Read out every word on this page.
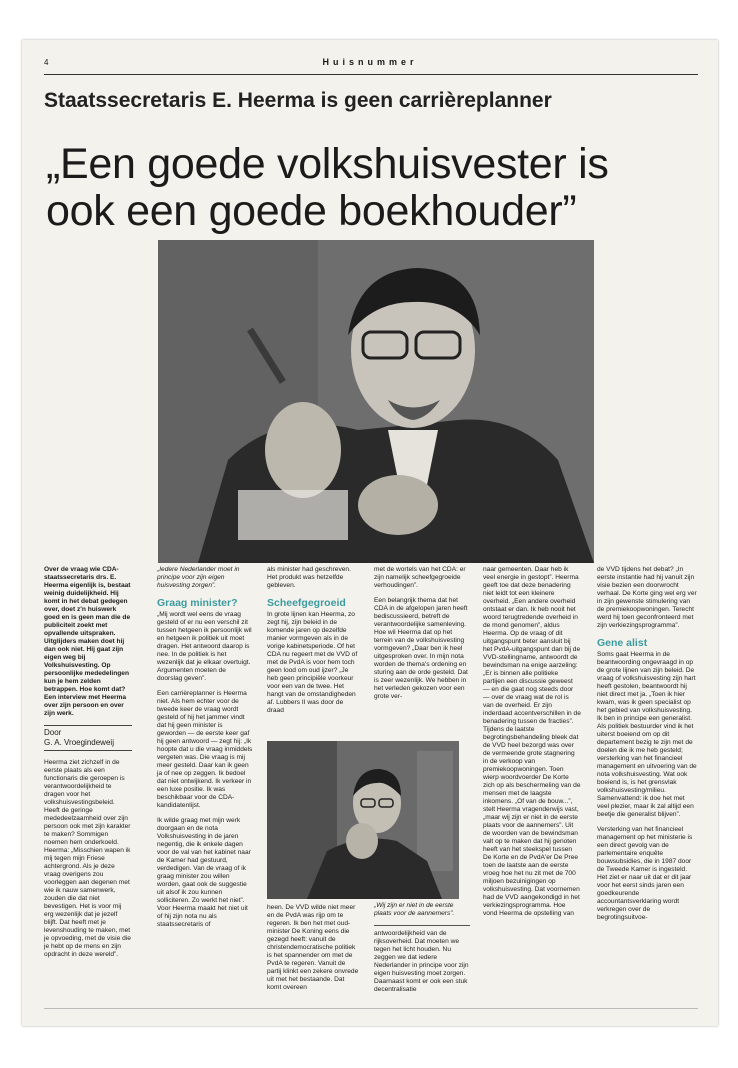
4	Huisnummer
Staatssecretaris E. Heerma is geen carrièreplanner
„Een goede volkshuisvester is
ook een goede boekhouder”

Over de vraag wie CDA-staatssecretaris drs. E. Heerma eigenlijk is, bestaat weinig duidelijkheid. Hij komt in het debat gedegen over, doet z'n huiswerk goed en is geen man die de publiciteit zoekt met opvallende uitspraken. Uitglijders maken doet hij dan ook niet. Hij gaat zijn eigen weg bij Volkshuisvesting. Op persoonlijke mededelingen kun je hem zelden betrappen. Hoe komt dat? Een interview met Heerma over zijn persoon en over zijn werk.

Door
G. A. Vroegindeweij

Heerma ziet zichzelf in de eerste plaats als een functionaris die geroepen is verantwoordelijkheid te dragen voor het volkshuisvestingsbeleid. Heeft de geringe mededeelzaamheid over zijn persoon ook met zijn karakter te maken? Sommigen noemen hem onderkoeld. Heerma: „Misschien wapen ik mij tegen mijn Friese achtergrond. Als je deze vraag overigens zou voorleggen aan degenen met wie ik nauw samenwerk, zouden die dat niet bevestigen. Het is voor mij erg wezenlijk dat je jezelf blijft. Dat heeft met je levenshouding te maken, met je opvoeding, met de visie die je hebt op de mens en zijn opdracht in deze wereld”.

„Iedere Nederlander moet in principe voor zijn eigen huisvesting zorgen”.

Graag minister?

„Mij wordt wel eens de vraag gesteld of er nu een verschil zit tussen hetgeen ik persoonlijk wil en hetgeen ik politiek uit moet dragen. Het antwoord daarop is nee. In de politiek is het wezenlijk dat je elkaar overtuigt. Argumenten moeten de doorslag geven”.

Een carrièreplanner is Heerma niet. Als hem echter voor de tweede keer de vraag wordt gesteld of hij het jammer vindt dat hij geen minister is geworden — de eerste keer gaf hij geen antwoord — zegt hij: „Ik hoopte dat u die vraag inmiddels vergeten was. Die vraag is mij meer gesteld. Daar kan ik geen ja of nee op zeggen. Ik bedoel dat niet ontwijkend. Ik verkeer in een luxe positie. Ik was beschikbaar voor de CDA-kandidatenlijst.

Ik wilde graag met mijn werk doorgaan en de nota Volkshuisvesting in de jaren negentig, die ik enkele dagen voor de val van het kabinet naar de Kamer had gestuurd, verdedigen. Van de vraag of ik graag minister zou willen worden, gaat ook de suggestie uit alsof ik zou kunnen solliciteren. Zo werkt het niet”. Voor Heerma maakt het niet uit of hij zijn nota nu als staatssecretaris of

als minister had geschreven. Het produkt was hetzelfde gebleven.

Scheefgegroeid

In grote lijnen kan Heerma, zo zegt hij, zijn beleid in de komende jaren op dezelfde manier vormgeven als in de vorige kabinetsperiode. Of het CDA nu regeert met de VVD of met de PvdA is voor hem toch geen lood om oud ijzer? „Je heb geen principiële voorkeur voor een van de twee. Het hangt van de omstandigheden af. Lubbers II was door de draad

heen. De VVD wilde niet meer en de PvdA was rijp om te regeren. Ik ben het met oud-minister De Koning eens die gezegd heeft: vanuit de christendemocratische politiek is het spannender om met de PvdA te regeren. Vanuit de partij klinkt een zekere onvrede uit met het bestaande. Dat komt overeen

met de wortels van het CDA: er zijn namelijk scheefgegroeide verhoudingen”.

Een belangrijk thema dat het CDA in de afgelopen jaren heeft bediscussieerd, betreft de verantwoordelijke samenleving. Hoe wil Heerma dat op het terrein van de volkshuisvesting vormgeven? „Daar ben ik heel uitgesproken over. In mijn nota worden de thema's ordening en sturing aan de orde gesteld. Dat is zeer wezenlijk. We hebben in het verleden gekozen voor een grote ver-

„Wij zijn er niet in de eerste plaats voor de aannemers”.

antwoordelijkheid van de rijksoverheid. Dat moeten we tegen het licht houden. Nu zeggen we dat iedere Nederlander in principe voor zijn eigen huisvesting moet zorgen. Daarnaast komt er ook een stuk decentralisatie

naar gemeenten. Daar heb ik veel energie in gestopt”. Heerma geeft toe dat deze benadering niet leidt tot een kleinere overheid. „Een andere overheid ontstaat er dan. Ik heb nooit het woord terugtredende overheid in de mond genomen”, aldus Heerma. Op de vraag of dit uitgangspunt beter aansluit bij het PvdA-uitgangspunt dan bij de VVD-stellingname, antwoordt de bewindsman na enige aarzeling: „Er is binnen alle politieke partijen een discussie geweest — en die gaat nog steeds door — over de vraag wat de rol is van de overheid. Er zijn inderdaad accentverschillen in de benadering tussen de fracties”. Tijdens de laatste begrotingsbehandeling bleek dat de VVD heel bezorgd was over de vermeende grote stagnering in de verkoop van premiekoopwoningen. Toen wierp woordvoerder De Korte zich op als beschermeling van de mensen met de laagste inkomens. „Of van de bouw...”, stelt Heerma vragenderwijs vast, „maar wij zijn er niet in de eerste plaats voor de aannemers”. Uit de woorden van de bewindsman valt op te maken dat hij genoten heeft van het steekspel tussen De Korte en de PvdA'er De Pree toen de laatste aan de eerste vroeg hoe het nu zit met de 700 miljoen bezuinigingen op volkshuisvesting. Dat voornemen had de VVD aangekondigd in het verkiezingsprogramma. Hoe vond Heerma de opstelling van

de VVD tijdens het debat? „In eerste instantie had hij vanuit zijn visie bezien een doorwrocht verhaal. De Korte ging wel erg ver in zijn gewenste stimulering van de premiekoopwoningen. Terecht werd hij toen geconfronteerd met zijn verkiezingsprogramma”.

Gene alist

Soms gaat Heerma in de beantwoording ongevraagd in op de grote lijnen van zijn beleid. De vraag of volkshuisvesting zijn hart heeft gestolen, beantwoordt hij niet direct met ja. „Toen ik hier kwam, was ik geen specialist op het gebied van volkshuisvesting. Ik ben in principe een generalist. Als politiek bestuurder vind ik het uiterst boeiend om op dit departement bezig te zijn met de doelen die ik me heb gesteld; versterking van het financieel management en uitvoering van de nota volkshuisvesting. Wat ook boeiend is, is het grensvlak volkshuisvesting/milieu. Samenvattend: ik doe het met veel plezier, maar ik zal altijd een beetje die generalist blijven”.

Versterking van het financieel management op het ministerie is een direct gevolg van de parlementaire enquête bouwsubsidies, die in 1987 door de Tweede Kamer is ingesteld. Het ziet er naar uit dat er dit jaar voor het eerst sinds jaren een goedkeurende accountantsverklaring wordt verkregen over de begrotingsuitvoe-
